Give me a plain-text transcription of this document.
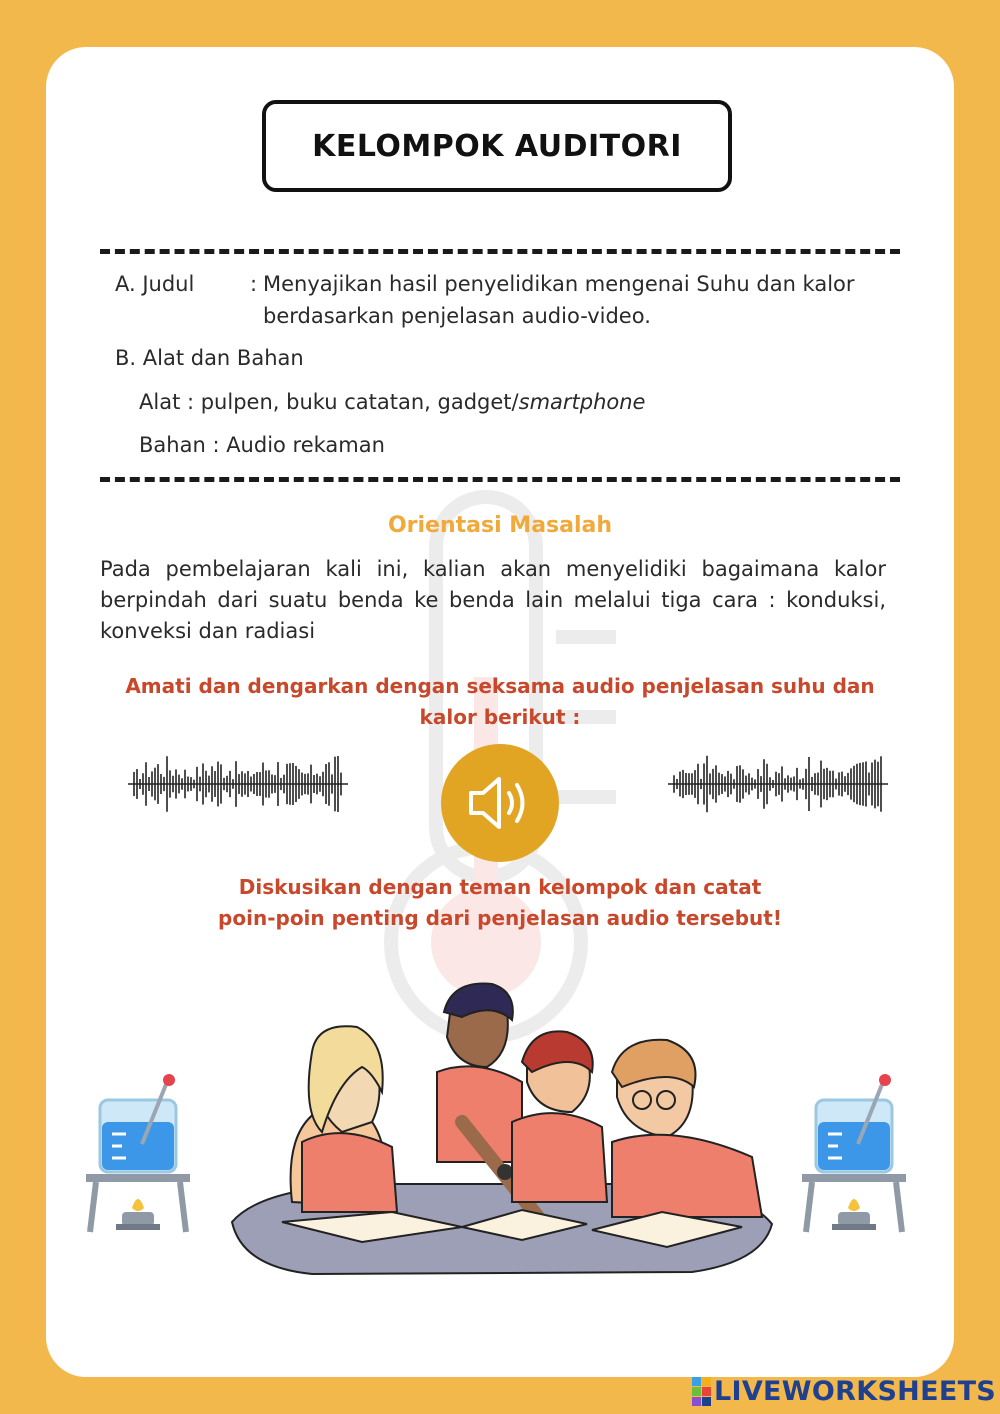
KELOMPOK AUDITORI
A. Judul	: Menyajikan hasil penyelidikan mengenai Suhu dan kalor
berdasarkan penjelasan audio-video.
B. Alat dan Bahan
Alat : pulpen, buku catatan, gadget/smartphone
Bahan : Audio rekaman
Orientasi Masalah
Pada pembelajaran kali ini, kalian akan menyelidiki bagaimana kalor berpindah dari suatu benda ke benda lain melalui tiga cara : konduksi, konveksi dan radiasi
Amati dan dengarkan dengan seksama audio penjelasan suhu dan
kalor berikut :
Diskusikan dengan teman kelompok dan catat
poin-poin penting dari penjelasan audio tersebut!
LIVEWORKSHEETS
